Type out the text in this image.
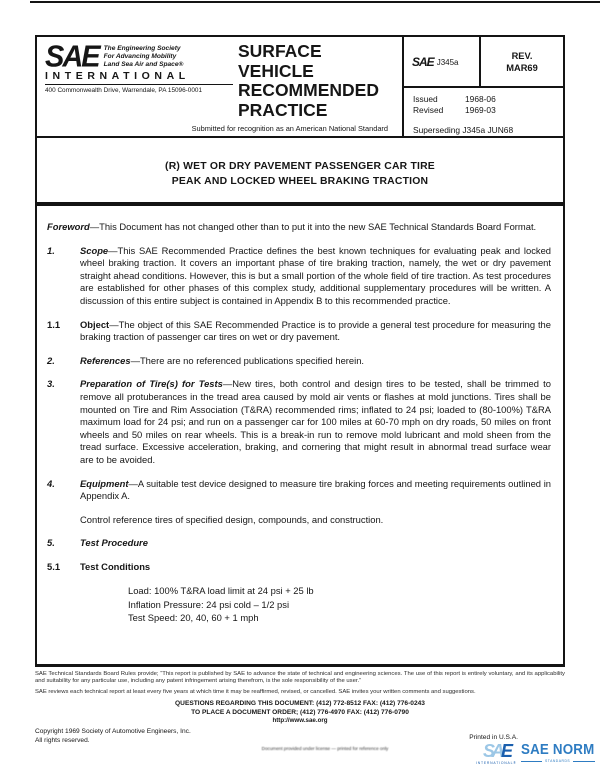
SAE The Engineering Society
For Advancing Mobility
Land Sea Air and Space®
INTERNATIONAL
400 Commonwealth Drive, Warrendale, PA 15096-0001
SURFACE
VEHICLE
RECOMMENDED
PRACTICE
SAE J345a
REV.
MAR69
Issued	1968-06
Revised	1969-03
Superseding J345a JUN68
Submitted for recognition as an American National Standard
(R) WET OR DRY PAVEMENT PASSENGER CAR TIRE
PEAK AND LOCKED WHEEL BRAKING TRACTION
Foreword—This Document has not changed other than to put it into the new SAE Technical Standards Board Format.
1.	Scope—This SAE Recommended Practice defines the best known techniques for evaluating peak and locked wheel braking traction. It covers an important phase of tire braking traction, namely, the wet or dry pavement straight ahead conditions. However, this is but a small portion of the whole field of tire traction. As test procedures are established for other phases of this complex study, additional supplementary procedures will be written. A discussion of this entire subject is contained in Appendix B to this recommended practice.
1.1	Object—The object of this SAE Recommended Practice is to provide a general test procedure for measuring the braking traction of passenger car tires on wet or dry pavement.
2.	References—There are no referenced publications specified herein.
3.	Preparation of Tire(s) for Tests—New tires, both control and design tires to be tested, shall be trimmed to remove all protuberances in the tread area caused by mold air vents or flashes at mold junctions. Tires shall be mounted on Tire and Rim Association (T&RA) recommended rims; inflated to 24 psi; loaded to (80-100%) T&RA maximum load for 24 psi; and run on a passenger car for 100 miles at 60-70 mph on dry roads, 50 miles on front wheels and 50 miles on rear wheels. This is a break-in run to remove mold lubricant and mold sheen from the tread surface. Excessive acceleration, braking, and cornering that might result in abnormal tread surface wear are to be avoided.
4.	Equipment—A suitable test device designed to measure tire braking forces and meeting requirements outlined in Appendix A.
Control reference tires of specified design, compounds, and construction.
5.	Test Procedure
5.1	Test Conditions
Load: 100% T&RA load limit at 24 psi + 25 lb
Inflation Pressure: 24 psi cold – 1/2 psi
Test Speed: 20, 40, 60 + 1 mph
SAE Technical Standards Board Rules provide; “This report is published by SAE to advance the state of technical and engineering sciences. The use of this report is entirely voluntary, and its applicability and suitability for any particular use, including any patent infringement arising therefrom, is the sole responsibility of the user.”
SAE reviews each technical report at least every five years at which time it may be reaffirmed, revised, or cancelled. SAE invites your written comments and suggestions.
QUESTIONS REGARDING THIS DOCUMENT: (412) 772-8512 FAX: (412) 776-0243
TO PLACE A DOCUMENT ORDER; (412) 776-4970 FAX: (412) 776-0790
http://www.sae.org
Copyright 1969 Society of Automotive Engineers, Inc.
All rights reserved.	Printed in U.S.A.
Document provided under license — printed for reference only	SAE
INTERNATIONAL®
SAE NORM
STANDARDS
